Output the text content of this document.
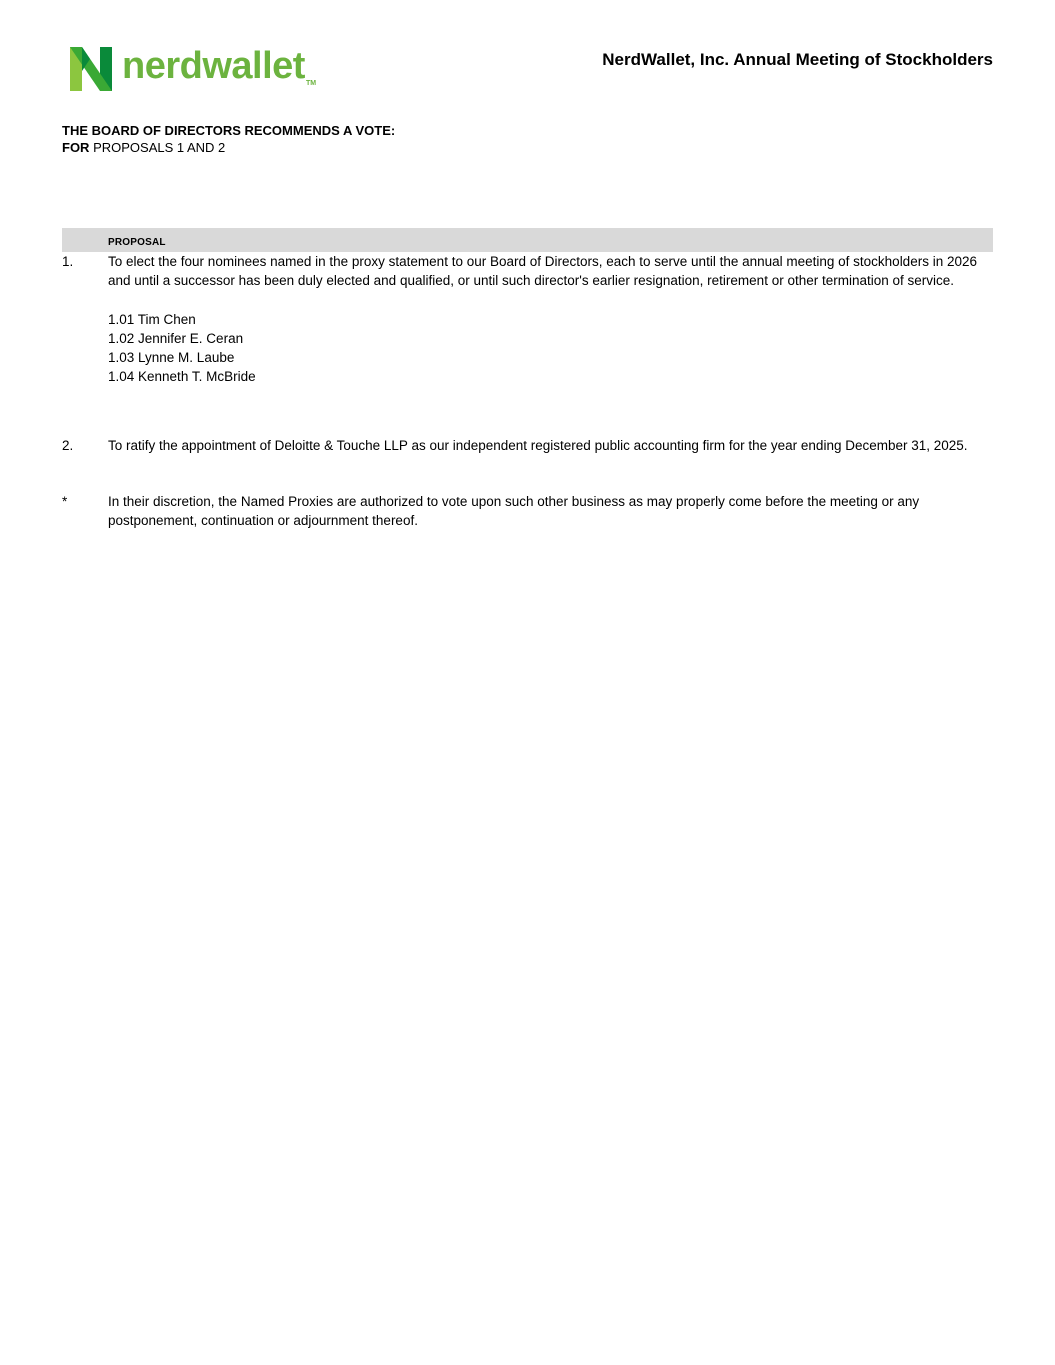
nerdwallet TM
NerdWallet, Inc. Annual Meeting of Stockholders
THE BOARD OF DIRECTORS RECOMMENDS A VOTE:
FOR PROPOSALS 1 AND 2
PROPOSAL
1.	To elect the four nominees named in the proxy statement to our Board of Directors, each to serve until the annual meeting of stockholders in 2026 and until a successor has been duly elected and qualified, or until such director's earlier resignation, retirement or other termination of service.
1.01 Tim Chen
1.02 Jennifer E. Ceran
1.03 Lynne M. Laube
1.04 Kenneth T. McBride
2.	To ratify the appointment of Deloitte & Touche LLP as our independent registered public accounting firm for the year ending December 31, 2025.
*	In their discretion, the Named Proxies are authorized to vote upon such other business as may properly come before the meeting or any postponement, continuation or adjournment thereof.
